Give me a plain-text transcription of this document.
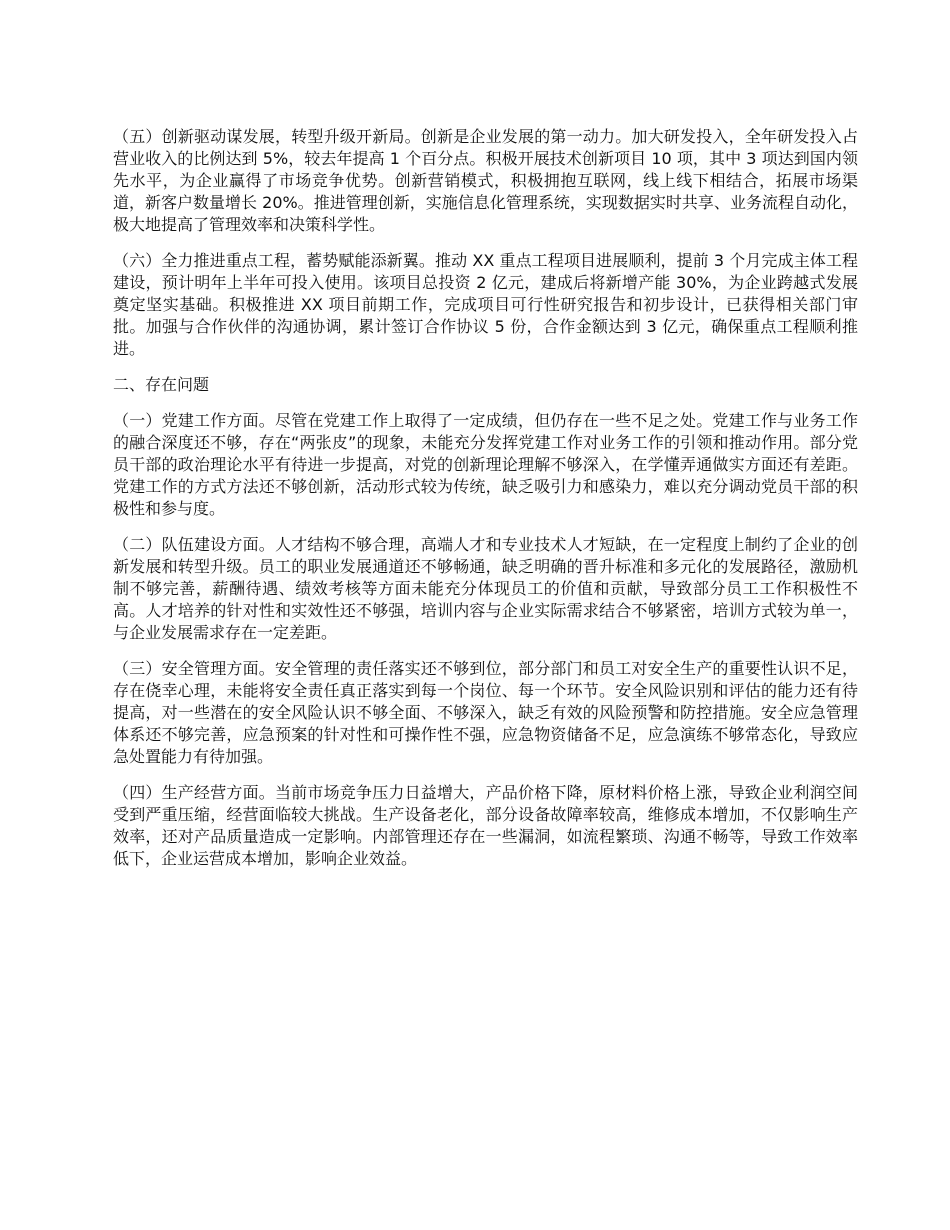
（五）创新驱动谋发展，转型升级开新局。创新是企业发展的第一动力。加大研发投入，全年研发投入占营业收入的比例达到 5%，较去年提高 1 个百分点。积极开展技术创新项目 10 项，其中 3 项达到国内领先水平，为企业赢得了市场竞争优势。创新营销模式，积极拥抱互联网，线上线下相结合，拓展市场渠道，新客户数量增长 20%。推进管理创新，实施信息化管理系统，实现数据实时共享、业务流程自动化，极大地提高了管理效率和决策科学性。

（六）全力推进重点工程，蓄势赋能添新翼。推动 XX 重点工程项目进展顺利，提前 3 个月完成主体工程建设，预计明年上半年可投入使用。该项目总投资 2 亿元，建成后将新增产能 30%，为企业跨越式发展奠定坚实基础。积极推进 XX 项目前期工作，完成项目可行性研究报告和初步设计，已获得相关部门审批。加强与合作伙伴的沟通协调，累计签订合作协议 5 份，合作金额达到 3 亿元，确保重点工程顺利推进。

二、存在问题

（一）党建工作方面。尽管在党建工作上取得了一定成绩，但仍存在一些不足之处。党建工作与业务工作的融合深度还不够，存在“两张皮”的现象，未能充分发挥党建工作对业务工作的引领和推动作用。部分党员干部的政治理论水平有待进一步提高，对党的创新理论理解不够深入，在学懂弄通做实方面还有差距。党建工作的方式方法还不够创新，活动形式较为传统，缺乏吸引力和感染力，难以充分调动党员干部的积极性和参与度。

（二）队伍建设方面。人才结构不够合理，高端人才和专业技术人才短缺，在一定程度上制约了企业的创新发展和转型升级。员工的职业发展通道还不够畅通，缺乏明确的晋升标准和多元化的发展路径，激励机制不够完善，薪酬待遇、绩效考核等方面未能充分体现员工的价值和贡献，导致部分员工工作积极性不高。人才培养的针对性和实效性还不够强，培训内容与企业实际需求结合不够紧密，培训方式较为单一，与企业发展需求存在一定差距。

（三）安全管理方面。安全管理的责任落实还不够到位，部分部门和员工对安全生产的重要性认识不足，存在侥幸心理，未能将安全责任真正落实到每一个岗位、每一个环节。安全风险识别和评估的能力还有待提高，对一些潜在的安全风险认识不够全面、不够深入，缺乏有效的风险预警和防控措施。安全应急管理体系还不够完善，应急预案的针对性和可操作性不强，应急物资储备不足，应急演练不够常态化，导致应急处置能力有待加强。

（四）生产经营方面。当前市场竞争压力日益增大，产品价格下降，原材料价格上涨，导致企业利润空间受到严重压缩，经营面临较大挑战。生产设备老化，部分设备故障率较高，维修成本增加，不仅影响生产效率，还对产品质量造成一定影响。内部管理还存在一些漏洞，如流程繁琐、沟通不畅等，导致工作效率低下，企业运营成本增加，影响企业效益。
